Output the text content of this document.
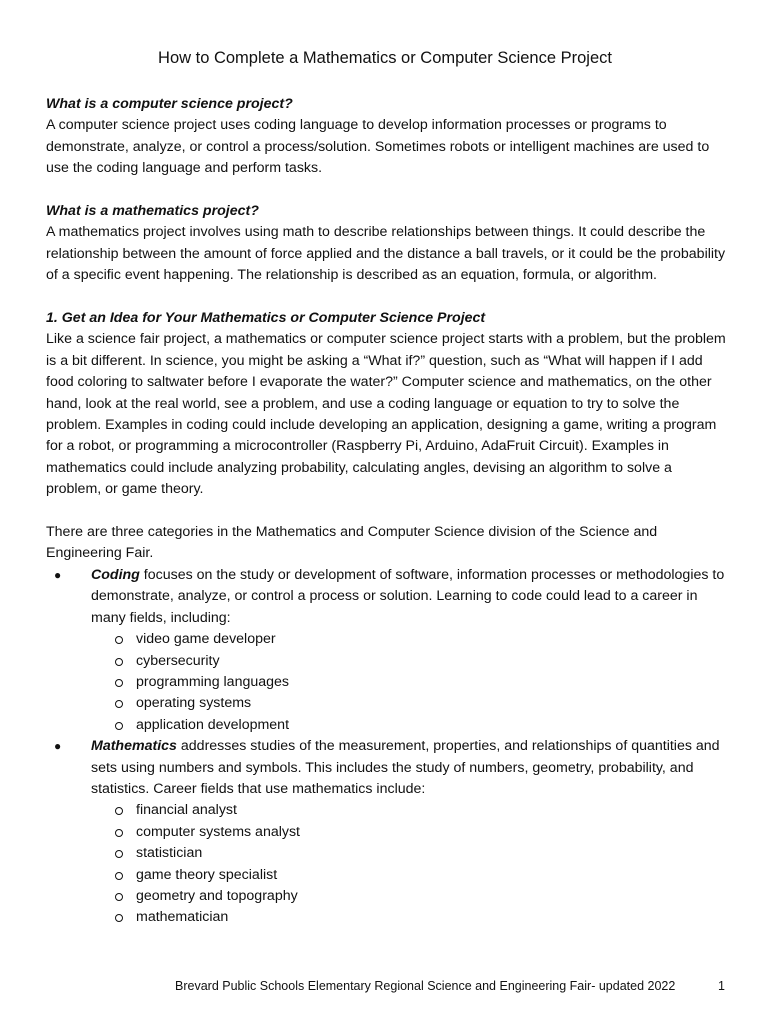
How to Complete a Mathematics or Computer Science Project

What is a computer science project?

A computer science project uses coding language to develop information processes or programs to demonstrate, analyze, or control a process/solution. Sometimes robots or intelligent machines are used to use the coding language and perform tasks.

What is a mathematics project?

A mathematics project involves using math to describe relationships between things. It could describe the relationship between the amount of force applied and the distance a ball travels, or it could be the probability of a specific event happening. The relationship is described as an equation, formula, or algorithm.

1. Get an Idea for Your Mathematics or Computer Science Project

Like a science fair project, a mathematics or computer science project starts with a problem, but the problem is a bit different. In science, you might be asking a “What if?” question, such as “What will happen if I add food coloring to saltwater before I evaporate the water?” Computer science and mathematics, on the other hand, look at the real world, see a problem, and use a coding language or equation to try to solve the problem. Examples in coding could include developing an application, designing a game, writing a program for a robot, or programming a microcontroller (Raspberry Pi, Arduino, AdaFruit Circuit). Examples in mathematics could include analyzing probability, calculating angles, devising an algorithm to solve a problem, or game theory.

There are three categories in the Mathematics and Computer Science division of the Science and Engineering Fair.

● Coding focuses on the study or development of software, information processes or methodologies to demonstrate, analyze, or control a process or solution. Learning to code could lead to a career in many fields, including:
video game developer
cybersecurity
programming languages
operating systems
application development
● Mathematics addresses studies of the measurement, properties, and relationships of quantities and sets using numbers and symbols. This includes the study of numbers, geometry, probability, and statistics. Career fields that use mathematics include:
financial analyst
computer systems analyst
statistician
game theory specialist
geometry and topography
mathematician
Brevard Public Schools Elementary Regional Science and Engineering Fair- updated 2022	1
